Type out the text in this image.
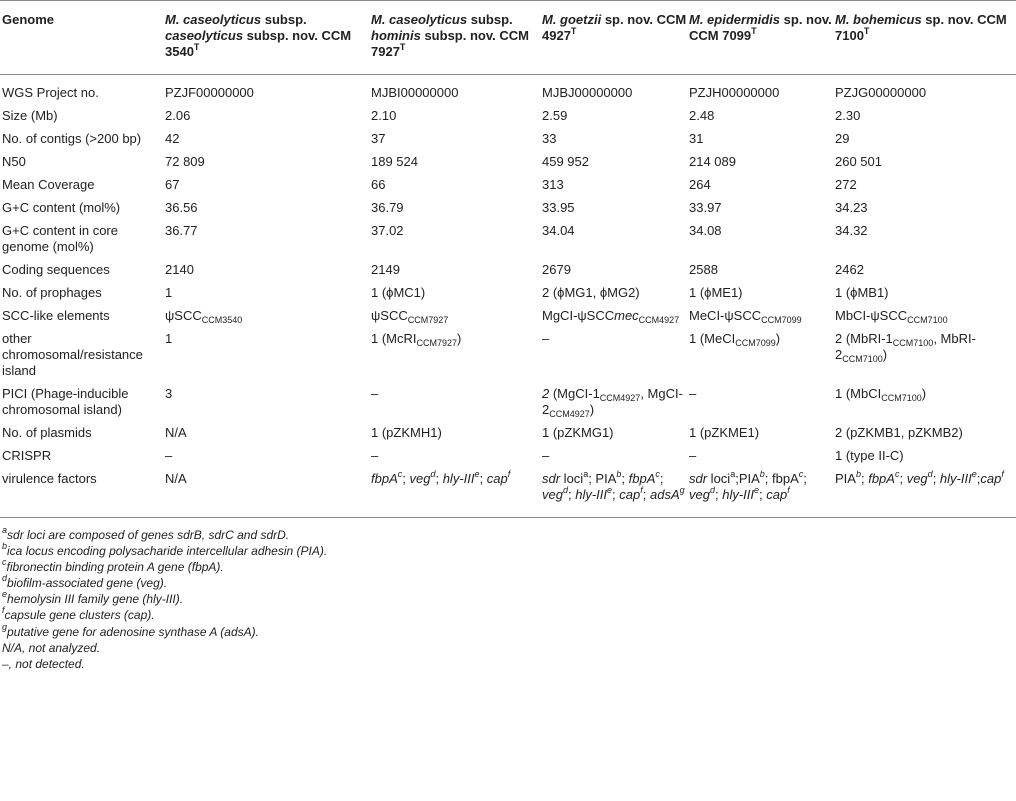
Genome	M. caseolyticus subsp. caseolyticus subsp. nov. CCM $3540^T$	M. caseolyticus subsp. hominis subsp. nov. CCM $7927^T$	M. goetzii sp. nov. CCM $4927^T$	M. epidermidis sp. nov. CCM $7099^T$	M. bohemicus sp. nov. CCM $7100^T$

WGS Project no.	PZJF00000000	MJBI00000000	MJBJ00000000	PZJH00000000	PZJG00000000
Size (Mb)	2.06	2.10	2.59	2.48	2.30
No. of contigs (>200 bp)	42	37	33	31	29
N50	72 809	189 524	459 952	214 089	260 501
Mean Coverage	67	66	313	264	272
G+C content (mol%)	36.56	36.79	33.95	33.97	34.23
G+C content in core genome (mol%)	36.77	37.02	34.04	34.08	34.32
Coding sequences	2140	2149	2679	2588	2462
No. of prophages	1	1 (ϕMC1)	2 (ϕMG1, ϕMG2)	1 (ϕME1)	1 (ϕMB1)
SCC-like elements	ψSCC$_{CCM3540}$	ψSCC$_{CCM7927}$	MgCI-ψSCCmec$_{CCM4927}$	MeCI-ψSCC$_{CCM7099}$	MbCI-ψSCC$_{CCM7100}$
other chromosomal/resistance island	1	1 (McRI$_{CCM7927}$)	–	1 (MeCI$_{CCM7099}$)	2 ($MbRI-1_{CCM7100}$, MbRI-$2_{CCM7100}$)
PICI (Phage-inducible chromosomal island)	3	–	2 ($MgCI-1_{CCM4927}$, MgCI-$2_{CCM4927}$)	–	1 (MbCI$_{CCM7100}$)
No. of plasmids	N/A	1 (pZKMH1)	1 (pZKMG1)	1 (pZKME1)	2 (pZKMB1, pZKMB2)
CRISPR	–	–	–	–	1 (type II-C)
virulence factors	N/A	fbpA$^c$; veg$^d$; hly-IIIe; cap$^f$	sdr loci$^a$; PIA$^b$; fbpA$^c$; veg$^d$; hly-IIIe; cap$^f$; adsA$^g$	sdr loci$^a$;PIA$^b$; fbpA$^c$; veg$^d$; hly-IIIe; cap$^f$	PIA$^b$; fbpA$^c$; veg$^d$; hly-IIIe;cap$^f$
$^a$sdr loci are composed of genes sdrB, sdrC and sdrD.
$^b$ica locus encoding polysacharide intercellular adhesin (PIA).
$^c$fibronectin binding protein A gene (fbpA).
$^d$biofilm-associated gene (veg).
$^e$hemolysin III family gene (hly-III).
$^f$capsule gene clusters (cap).
$^g$putative gene for adenosine synthase A (adsA).
N/A, not analyzed.
–, not detected.
